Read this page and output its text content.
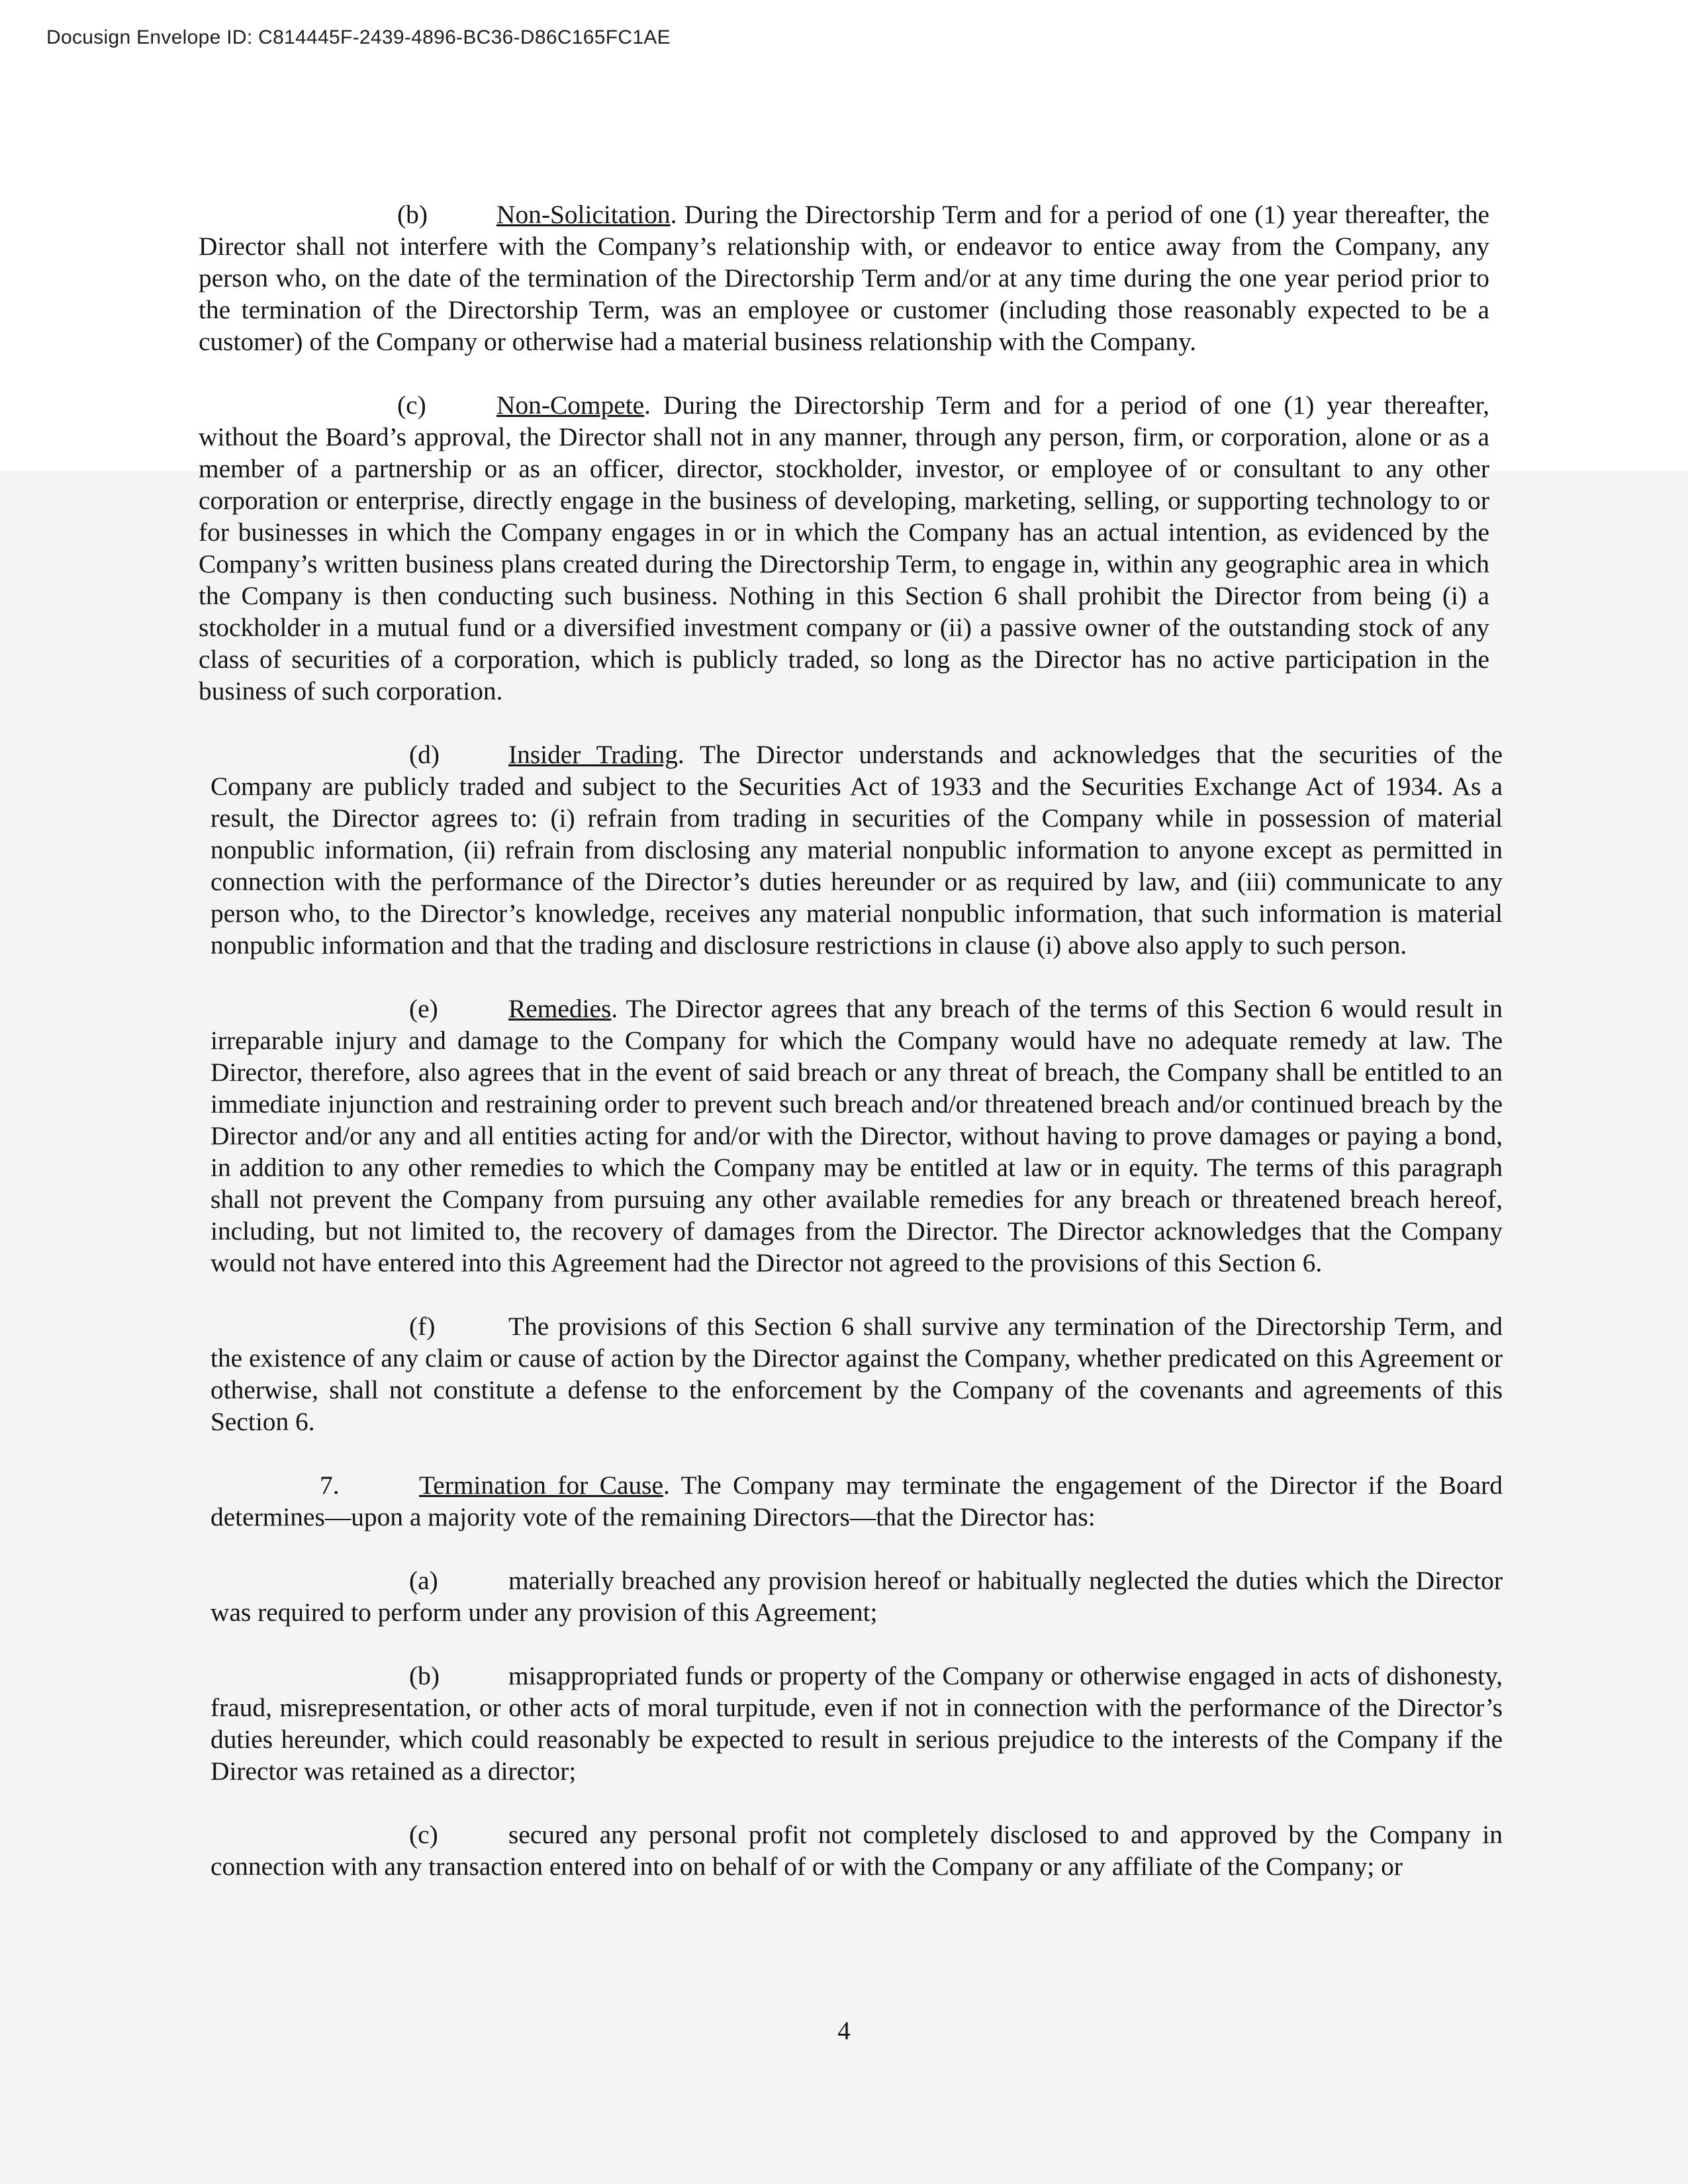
Docusign Envelope ID: C814445F-2439-4896-BC36-D86C165FC1AE

(b)	Non-Solicitation. During the Directorship Term and for a period of one (1) year thereafter, the Director shall not interfere with the Company’s relationship with, or endeavor to entice away from the Company, any person who, on the date of the termination of the Directorship Term and/or at any time during the one year period prior to the termination of the Directorship Term, was an employee or customer (including those reasonably expected to be a customer) of the Company or otherwise had a material business relationship with the Company.

(c)	Non-Compete. During the Directorship Term and for a period of one (1) year thereafter, without the Board’s approval, the Director shall not in any manner, through any person, firm, or corporation, alone or as a member of a partnership or as an officer, director, stockholder, investor, or employee of or consultant to any other corporation or enterprise, directly engage in the business of developing, marketing, selling, or supporting technology to or for businesses in which the Company engages in or in which the Company has an actual intention, as evidenced by the Company’s written business plans created during the Directorship Term, to engage in, within any geographic area in which the Company is then conducting such business. Nothing in this Section 6 shall prohibit the Director from being (i) a stockholder in a mutual fund or a diversified investment company or (ii) a passive owner of the outstanding stock of any class of securities of a corporation, which is publicly traded, so long as the Director has no active participation in the business of such corporation.

(d)	Insider Trading. The Director understands and acknowledges that the securities of the Company are publicly traded and subject to the Securities Act of 1933 and the Securities Exchange Act of 1934. As a result, the Director agrees to: (i) refrain from trading in securities of the Company while in possession of material nonpublic information, (ii) refrain from disclosing any material nonpublic information to anyone except as permitted in connection with the performance of the Director’s duties hereunder or as required by law, and (iii) communicate to any person who, to the Director’s knowledge, receives any material nonpublic information, that such information is material nonpublic information and that the trading and disclosure restrictions in clause (i) above also apply to such person.

(e)	Remedies. The Director agrees that any breach of the terms of this Section 6 would result in irreparable injury and damage to the Company for which the Company would have no adequate remedy at law. The Director, therefore, also agrees that in the event of said breach or any threat of breach, the Company shall be entitled to an immediate injunction and restraining order to prevent such breach and/or threatened breach and/or continued breach by the Director and/or any and all entities acting for and/or with the Director, without having to prove damages or paying a bond, in addition to any other remedies to which the Company may be entitled at law or in equity. The terms of this paragraph shall not prevent the Company from pursuing any other available remedies for any breach or threatened breach hereof, including, but not limited to, the recovery of damages from the Director. The Director acknowledges that the Company would not have entered into this Agreement had the Director not agreed to the provisions of this Section 6.

(f)	The provisions of this Section 6 shall survive any termination of the Directorship Term, and the existence of any claim or cause of action by the Director against the Company, whether predicated on this Agreement or otherwise, shall not constitute a defense to the enforcement by the Company of the covenants and agreements of this Section 6.

7.	Termination for Cause. The Company may terminate the engagement of the Director if the Board determines—upon a majority vote of the remaining Directors—that the Director has:

(a)	materially breached any provision hereof or habitually neglected the duties which the Director was required to perform under any provision of this Agreement;

(b)	misappropriated funds or property of the Company or otherwise engaged in acts of dishonesty, fraud, misrepresentation, or other acts of moral turpitude, even if not in connection with the performance of the Director’s duties hereunder, which could reasonably be expected to result in serious prejudice to the interests of the Company if the Director was retained as a director;

(c)	secured any personal profit not completely disclosed to and approved by the Company in connection with any transaction entered into on behalf of or with the Company or any affiliate of the Company; or

4
